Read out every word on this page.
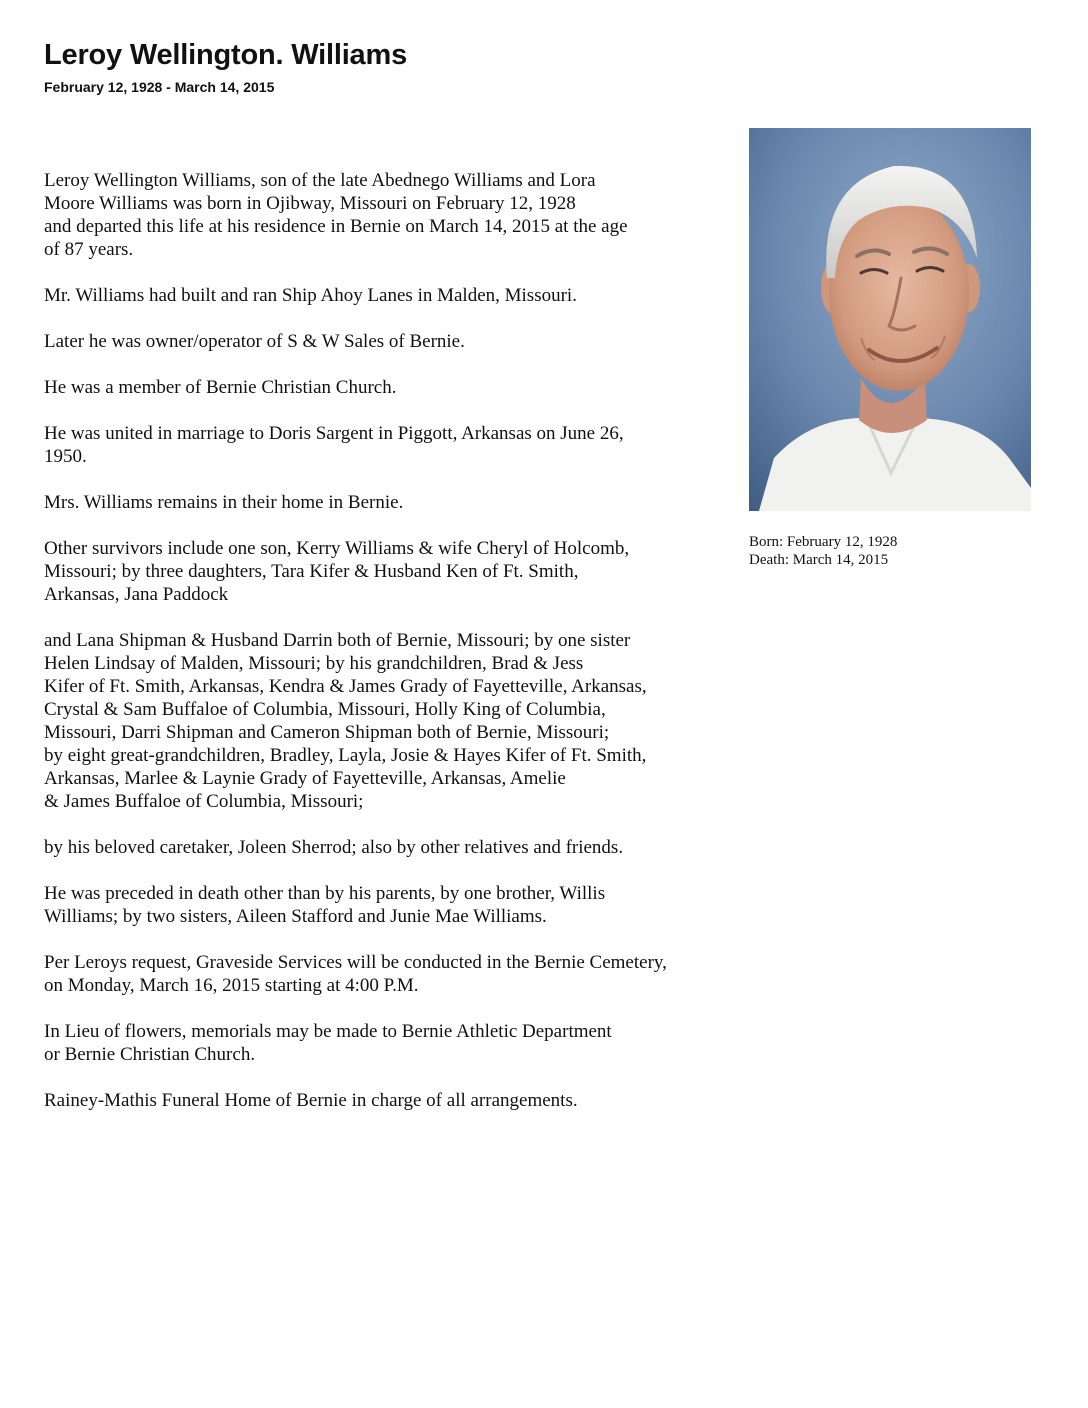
Leroy Wellington. Williams
February 12, 1928 - March 14, 2015

Leroy Wellington Williams, son of the late Abednego Williams and Lora
Moore Williams was born in Ojibway, Missouri on February 12, 1928
and departed this life at his residence in Bernie on March 14, 2015 at the age
of 87 years.

Mr. Williams had built and ran Ship Ahoy Lanes in Malden, Missouri.

Later he was owner/operator of S & W Sales of Bernie.

He was a member of Bernie Christian Church.

He was united in marriage to Doris Sargent in Piggott, Arkansas on June 26,
1950.

Mrs. Williams remains in their home in Bernie.

Other survivors include one son, Kerry Williams & wife Cheryl of Holcomb,
Missouri; by three daughters, Tara Kifer & Husband Ken of Ft. Smith,
Arkansas, Jana Paddock

and Lana Shipman & Husband Darrin both of Bernie, Missouri; by one sister
Helen Lindsay of Malden, Missouri; by his grandchildren, Brad & Jess
Kifer of Ft. Smith, Arkansas, Kendra & James Grady of Fayetteville, Arkansas,
Crystal & Sam Buffaloe of Columbia, Missouri, Holly King of Columbia,
Missouri, Darri Shipman and Cameron Shipman both of Bernie, Missouri;
by eight great-grandchildren, Bradley, Layla, Josie & Hayes Kifer of Ft. Smith,
Arkansas, Marlee & Laynie Grady of Fayetteville, Arkansas, Amelie
& James Buffaloe of Columbia, Missouri;

by his beloved caretaker, Joleen Sherrod; also by other relatives and friends.

He was preceded in death other than by his parents, by one brother, Willis
Williams; by two sisters, Aileen Stafford and Junie Mae Williams.

Per Leroys request, Graveside Services will be conducted in the Bernie Cemetery,
on Monday, March 16, 2015 starting at 4:00 P.M.

In Lieu of flowers, memorials may be made to Bernie Athletic Department
or Bernie Christian Church.

Rainey-Mathis Funeral Home of Bernie in charge of all arrangements.

Born: February 12, 1928
Death: March 14, 2015
